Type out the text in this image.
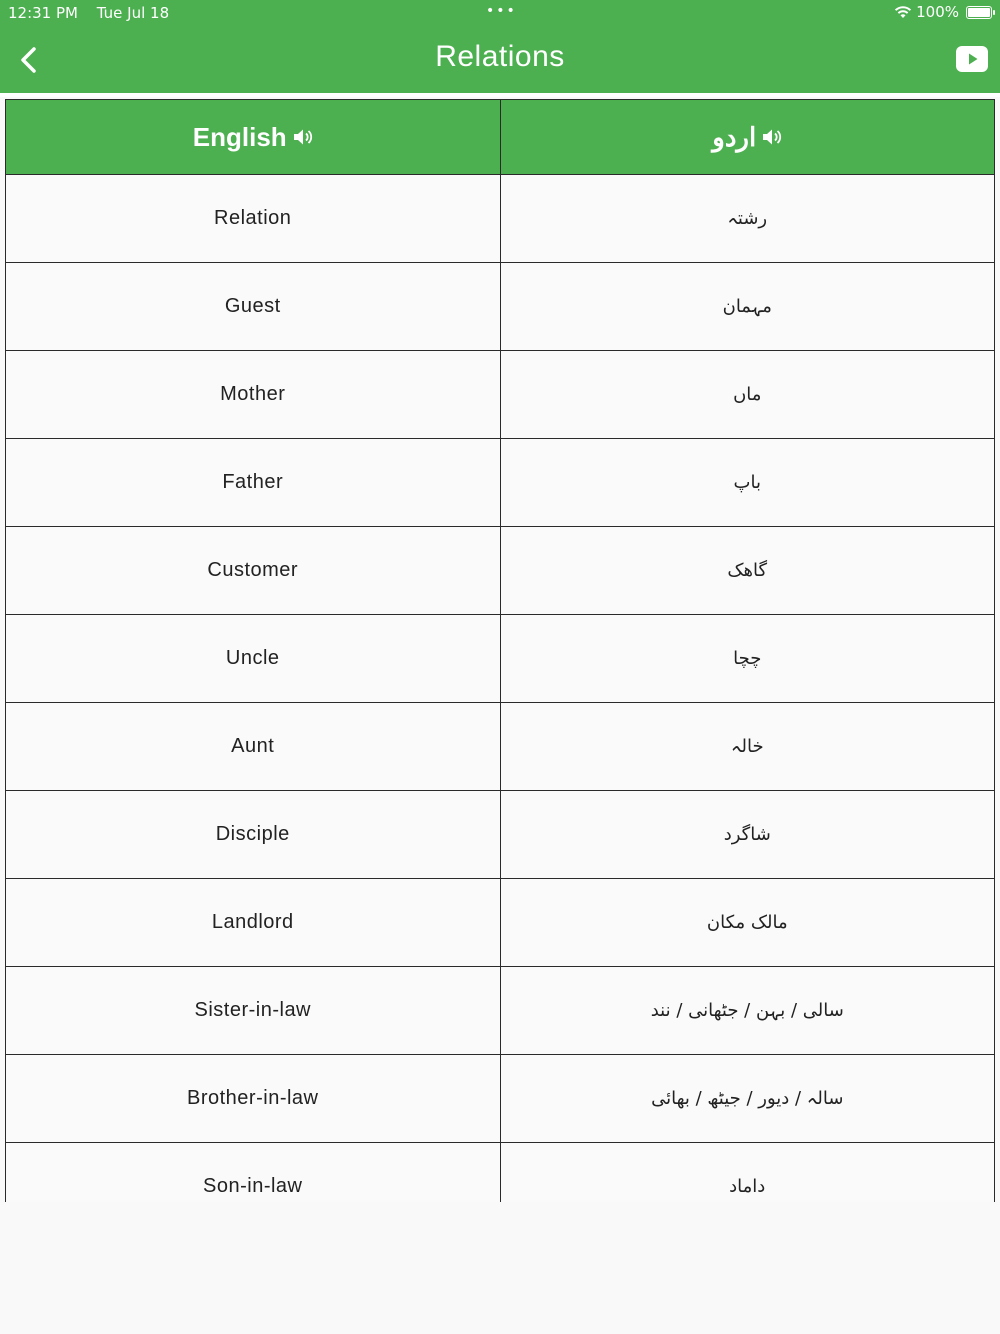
12:31 PM Tue Jul 18	•••	100%
Relations
English	اردو

Relation	رشتہ
Guest	مہمان
Mother	ماں
Father	باپ
Customer	گاھک
Uncle	چچا
Aunt	خالہ
Disciple	شاگرد
Landlord	مالک مکان
Sister-in-law	سالی / بہن / جٹھانی / نند
Brother-in-law	سالہ / دیور / جیٹھ / بھائی
Son-in-law	داماد
